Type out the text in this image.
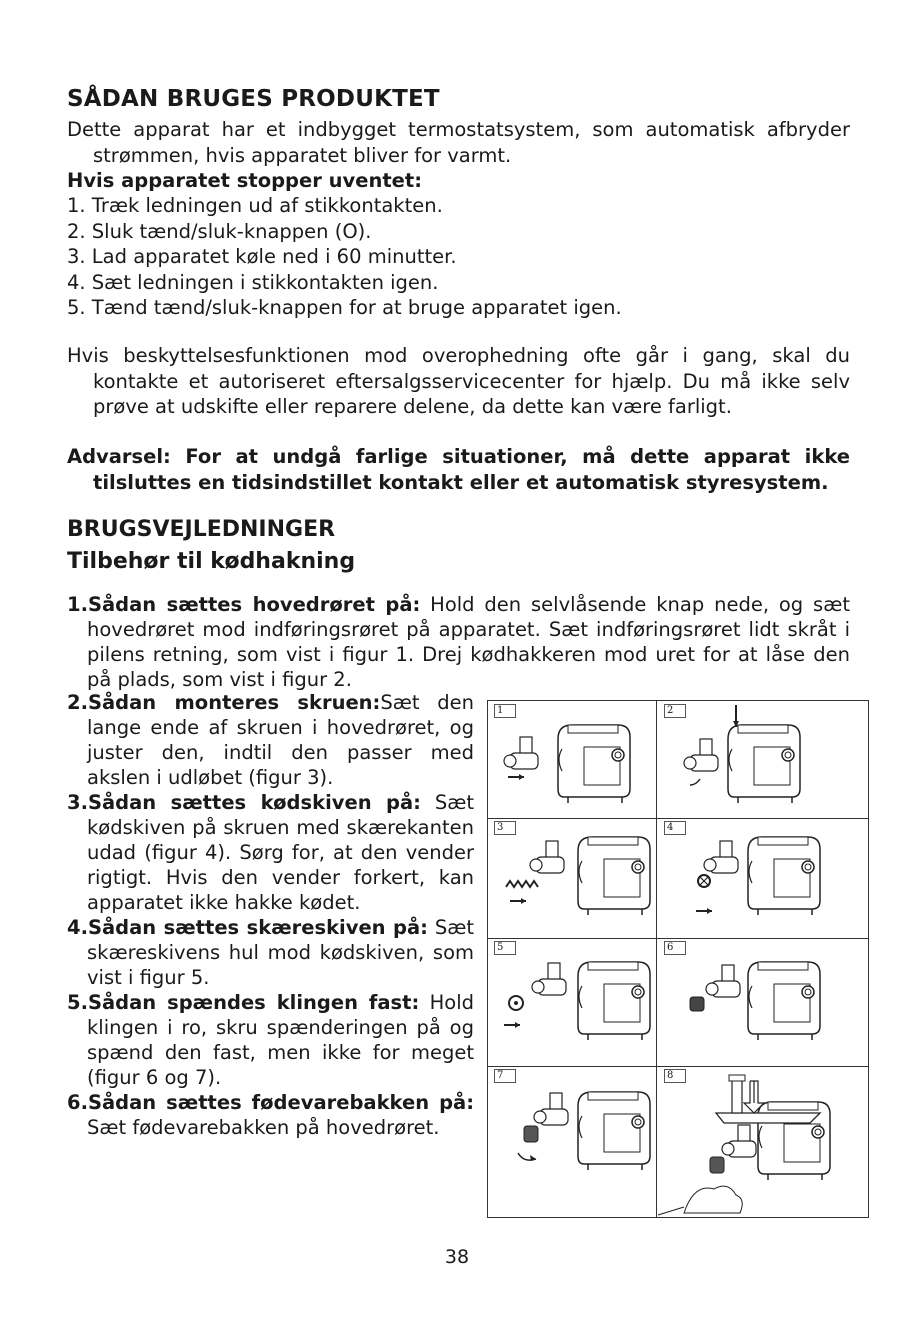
SÅDAN BRUGES PRODUKTET
Dette apparat har et indbygget termostatsystem, som automatisk afbryder strømmen, hvis apparatet bliver for varmt.
Hvis apparatet stopper uventet:
1. Træk ledningen ud af stikkontakten.
2. Sluk tænd/sluk-knappen (O).
3. Lad apparatet køle ned i 60 minutter.
4. Sæt ledningen i stikkontakten igen.
5. Tænd tænd/sluk-knappen for at bruge apparatet igen.
Hvis beskyttelsesfunktionen mod overophedning ofte går i gang, skal du kontakte et autoriseret eftersalgsservicecenter for hjælp. Du må ikke selv prøve at udskifte eller reparere delene, da dette kan være farligt.
Advarsel: For at undgå farlige situationer, må dette apparat ikke tilsluttes en tidsindstillet kontakt eller et automatisk styresystem.
BRUGSVEJLEDNINGER
Tilbehør til kødhakning
1.Sådan sættes hovedrøret på: Hold den selvlåsende knap nede, og sæt hovedrøret mod indføringsrøret på apparatet. Sæt indføringsrøret lidt skråt i pilens retning, som vist i figur 1. Drej kødhakkeren mod uret for at låse den på plads, som vist i figur 2.
2.Sådan monteres skruen:Sæt den lange ende af skruen i hovedrøret, og juster den, indtil den passer med akslen i udløbet (figur 3).
3.Sådan sættes kødskiven på: Sæt kødskiven på skruen med skærekanten udad (figur 4). Sørg for, at den vender rigtigt. Hvis den vender forkert, kan apparatet ikke hakke kødet.
4.Sådan sættes skæreskiven på: Sæt skæreskivens hul mod kødskiven, som vist i figur 5.
5.Sådan spændes klingen fast: Hold klingen i ro, skru spænderingen på og spænd den fast, men ikke for meget (figur 6 og 7).
6.Sådan sættes fødevarebakken på: Sæt fødevarebakken på hovedrøret.
1	2
3	4
5	6
7	8
38
